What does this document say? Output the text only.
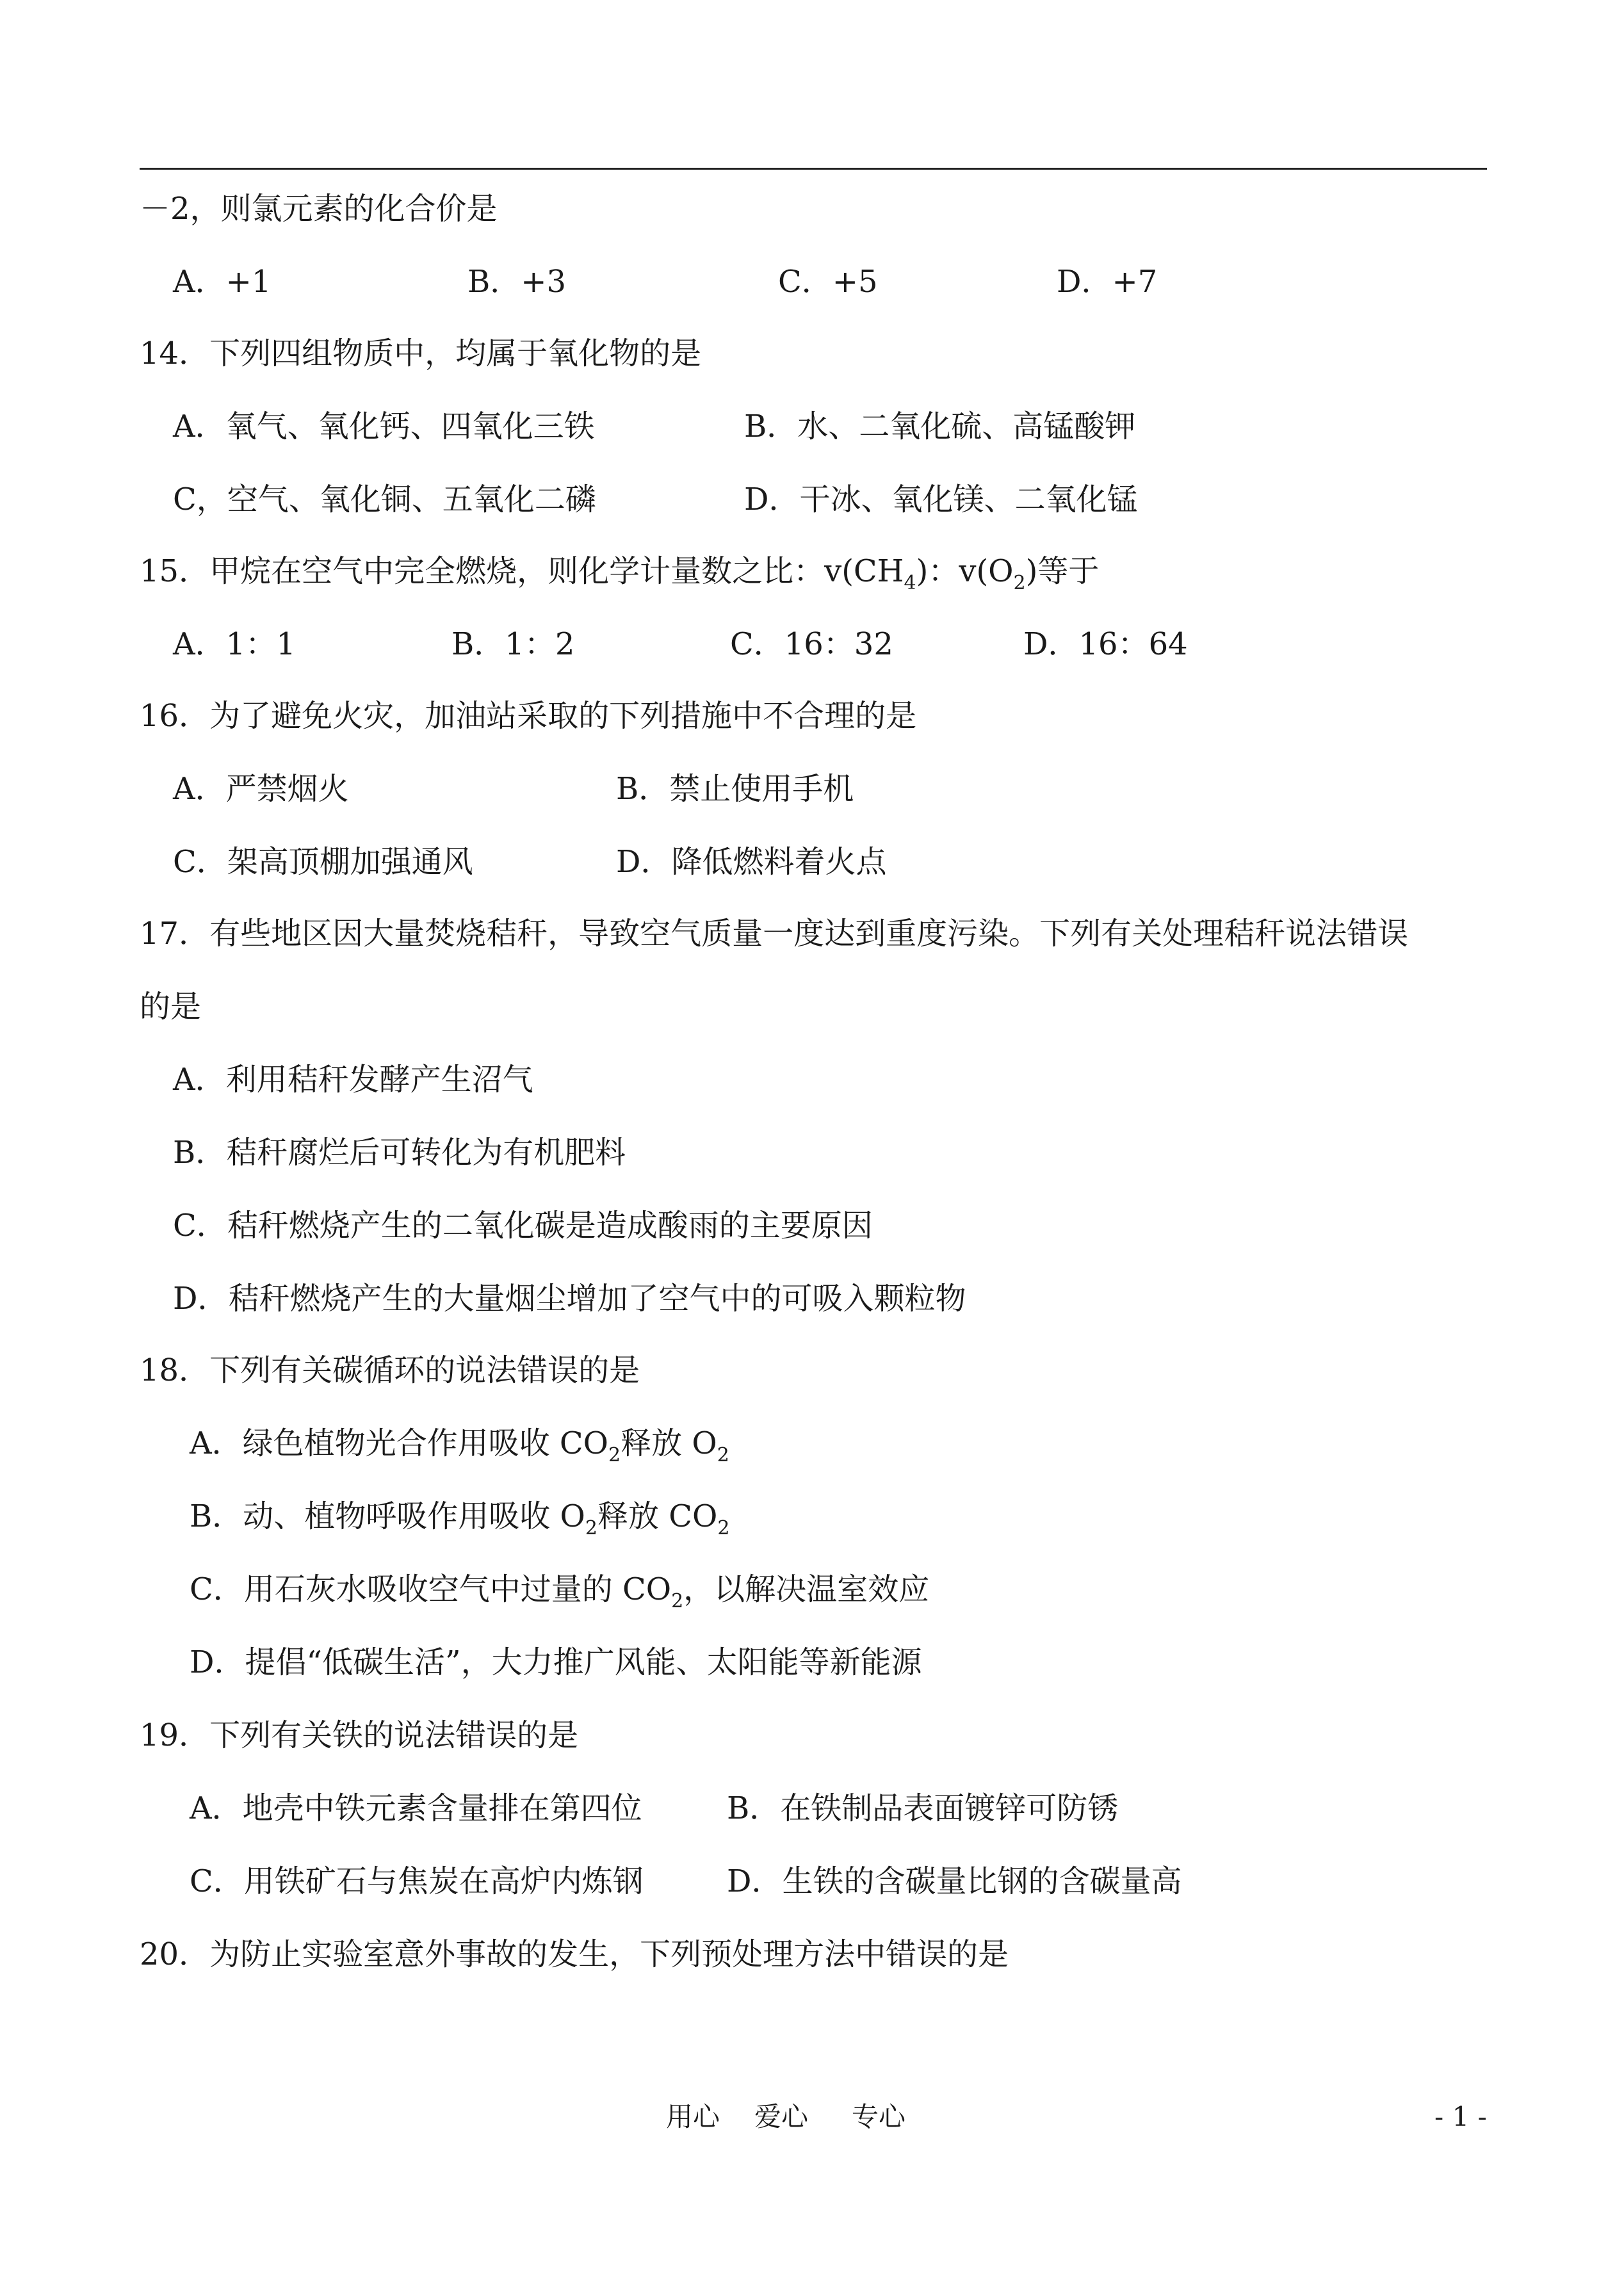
－2，则氯元素的化合价是
A．+1	B．+3	C．+5	D．+7
14．下列四组物质中，均属于氧化物的是
A．氧气、氧化钙、四氧化三铁	B．水、二氧化硫、高锰酸钾
C，空气、氧化铜、五氧化二磷	D．干冰、氧化镁、二氧化锰
15．甲烷在空气中完全燃烧，则化学计量数之比：$v(CH_4)$：$v(O_2)$等于
A．1：1	B．1：2	C．16：32	D．16：64
16．为了避免火灾，加油站采取的下列措施中不合理的是
A．严禁烟火	B．禁止使用手机
C．架高顶棚加强通风	D．降低燃料着火点
17．有些地区因大量焚烧秸秆，导致空气质量一度达到重度污染。下列有关处理秸秆说法错误
的是
A．利用秸秆发酵产生沼气
B．秸秆腐烂后可转化为有机肥料
C．秸秆燃烧产生的二氧化碳是造成酸雨的主要原因
D．秸秆燃烧产生的大量烟尘增加了空气中的可吸入颗粒物
18．下列有关碳循环的说法错误的是
A．绿色植物光合作用吸收 $CO_2$释放 $O_2$
B．动、植物呼吸作用吸收 $O_2$释放 $CO_2$
C．用石灰水吸收空气中过量的 $CO_2$，以解决温室效应
D．提倡“低碳生活”，大力推广风能、太阳能等新能源
19．下列有关铁的说法错误的是
A．地壳中铁元素含量排在第四位	B．在铁制品表面镀锌可防锈
C．用铁矿石与焦炭在高炉内炼钢	D．生铁的含碳量比钢的含碳量高
20．为防止实验室意外事故的发生，下列预处理方法中错误的是
用心 爱心 专心	- 1 -
